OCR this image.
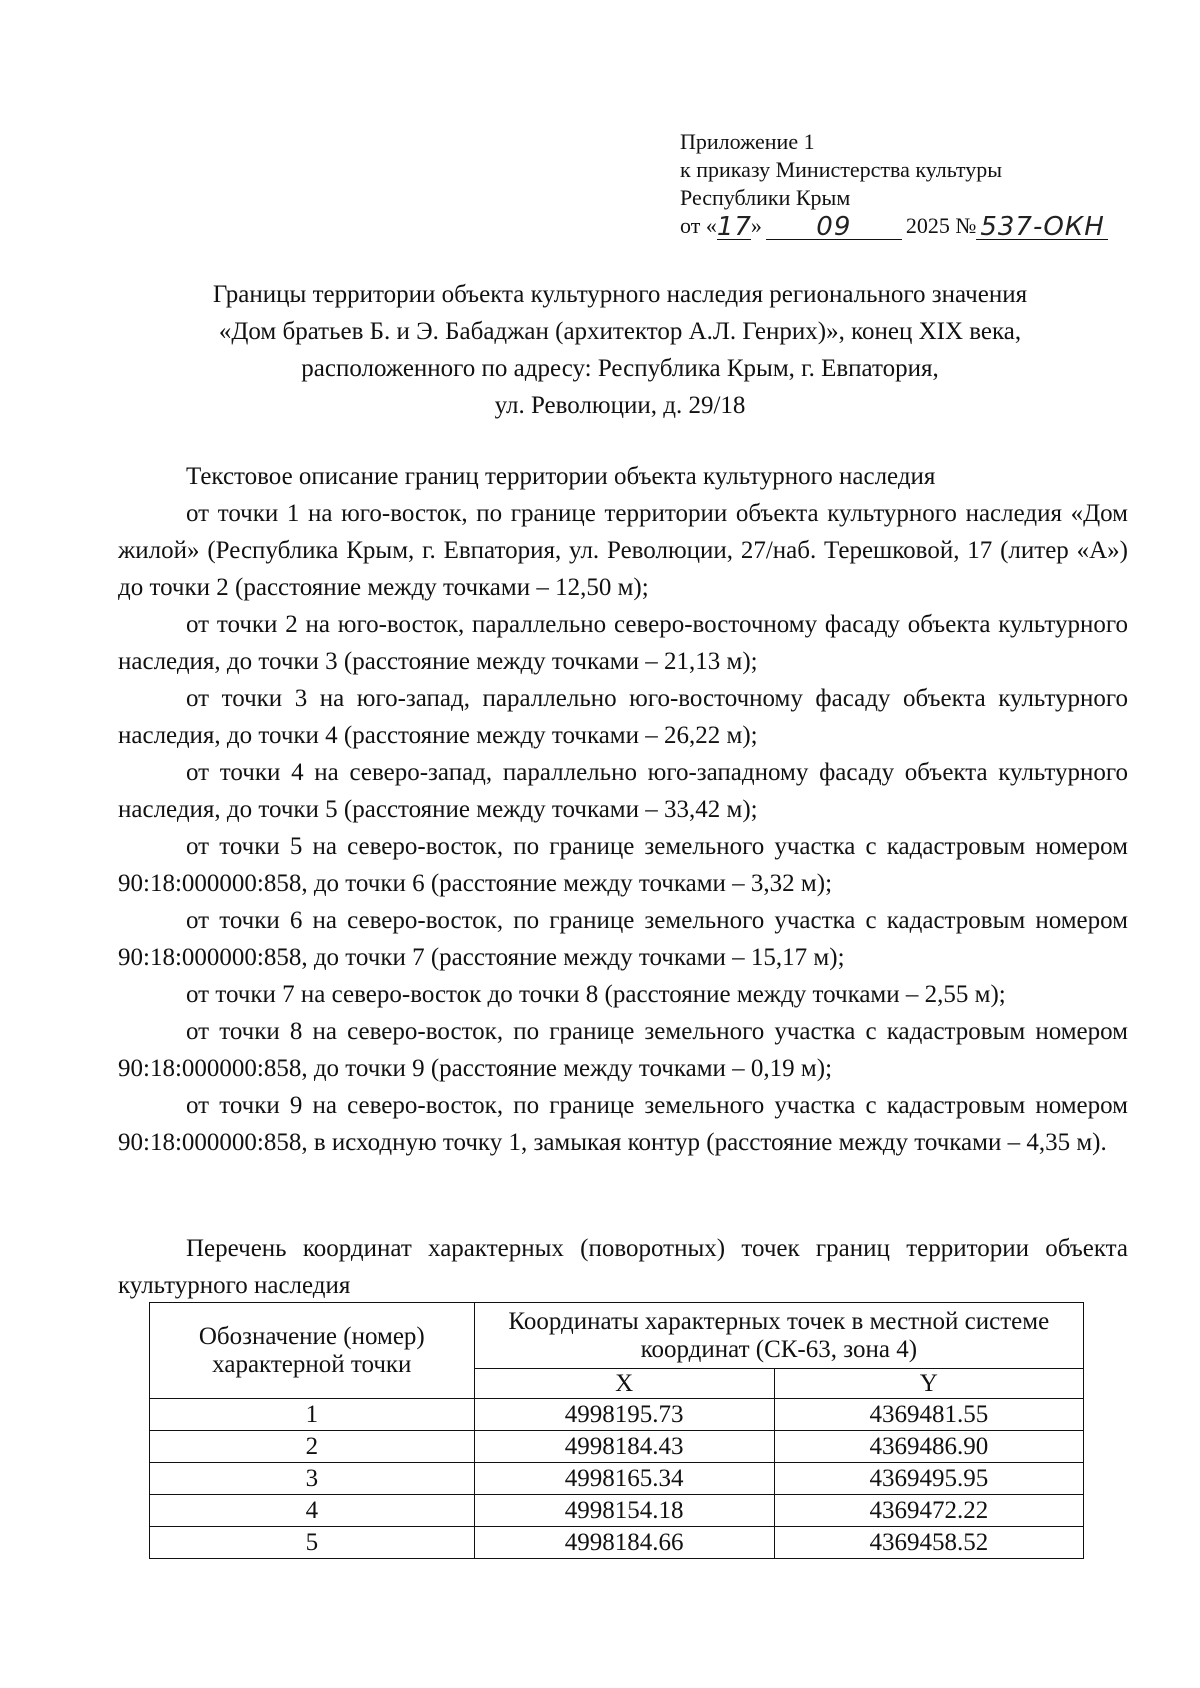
Приложение 1
к приказу Министерства культуры
Республики Крым
от «17» 09 2025 № 537-ОКН
Границы территории объекта культурного наследия регионального значения
«Дом братьев Б. и Э. Бабаджан (архитектор А.Л. Генрих)», конец XIX века,
расположенного по адресу: Республика Крым, г. Евпатория,
ул. Революции, д. 29/18

Текстовое описание границ территории объекта культурного наследия

от точки 1 на юго-восток, по границе территории объекта культурного наследия «Дом жилой» (Республика Крым, г. Евпатория, ул. Революции, 27/наб. Терешковой, 17 (литер «А») до точки 2 (расстояние между точками – 12,50 м);

от точки 2 на юго-восток, параллельно северо-восточному фасаду объекта культурного наследия, до точки 3 (расстояние между точками – 21,13 м);

от точки 3 на юго-запад, параллельно юго-восточному фасаду объекта культурного наследия, до точки 4 (расстояние между точками – 26,22 м);

от точки 4 на северо-запад, параллельно юго-западному фасаду объекта культурного наследия, до точки 5 (расстояние между точками – 33,42 м);

от точки 5 на северо-восток, по границе земельного участка с кадастровым номером 90:18:000000:858, до точки 6 (расстояние между точками – 3,32 м);

от точки 6 на северо-восток, по границе земельного участка с кадастровым номером 90:18:000000:858, до точки 7 (расстояние между точками – 15,17 м);

от точки 7 на северо-восток до точки 8 (расстояние между точками – 2,55 м);

от точки 8 на северо-восток, по границе земельного участка с кадастровым номером 90:18:000000:858, до точки 9 (расстояние между точками – 0,19 м);

от точки 9 на северо-восток, по границе земельного участка с кадастровым номером 90:18:000000:858, в исходную точку 1, замыкая контур (расстояние между точками – 4,35 м).

Перечень координат характерных (поворотных) точек границ территории объекта культурного наследия
Обозначение (номер) характерной точки	Координаты характерных точек в местной системе координат (СК-63, зона 4)	
	X	Y
1	4998195.73	4369481.55
2	4998184.43	4369486.90
3	4998165.34	4369495.95
4	4998154.18	4369472.22
5	4998184.66	4369458.52
